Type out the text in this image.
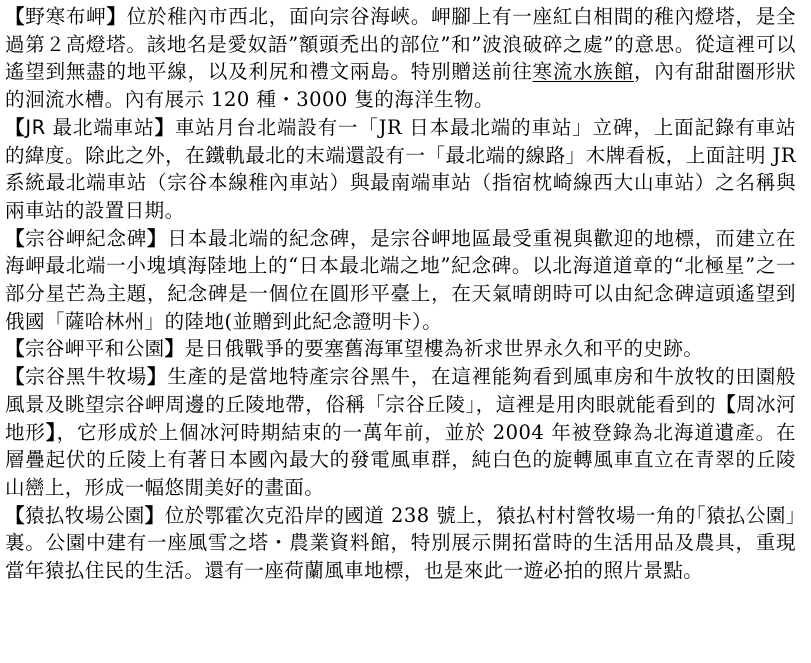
【野寒布岬】位於稚內市西北，面向宗谷海峽。岬腳上有一座紅白相間的稚內燈塔，是全過第２高燈塔。該地名是愛奴語”額頭禿出的部位”和”波浪破碎之處”的意思。從這裡可以遙望到無盡的地平線，以及利尻和禮文兩島。特別贈送前往寒流水族館，內有甜甜圈形狀的洄流水槽。內有展示 120 種・3000 隻的海洋生物。

【JR 最北端車站】車站月台北端設有一「JR 日本最北端的車站」立碑，上面記錄有車站的緯度。除此之外，在鐵軌最北的末端還設有一「最北端的線路」木牌看板，上面註明 JR 系統最北端車站（宗谷本線稚內車站）與最南端車站（指宿枕崎線西大山車站）之名稱與兩車站的設置日期。

【宗谷岬紀念碑】日本最北端的紀念碑，是宗谷岬地區最受重視與歡迎的地標，而建立在海岬最北端一小塊填海陸地上的“日本最北端之地”紀念碑。以北海道道章的“北極星”之一部分星芒為主題，紀念碑是一個位在圓形平臺上，在天氣晴朗時可以由紀念碑這頭遙望到俄國「薩哈林州」的陸地(並贈到此紀念證明卡）。

【宗谷岬平和公園】是日俄戰爭的要塞舊海軍望樓為祈求世界永久和平的史跡。

【宗谷黑牛牧場】生產的是當地特產宗谷黑牛，在這裡能夠看到風車房和牛放牧的田園般風景及眺望宗谷岬周邊的丘陵地帶，俗稱「宗谷丘陵」，這裡是用肉眼就能看到的【周冰河地形】，它形成於上個冰河時期結束的一萬年前，並於 2004 年被登錄為北海道遺產。在層疊起伏的丘陵上有著日本國內最大的發電風車群，純白色的旋轉風車直立在青翠的丘陵山巒上，形成一幅悠閒美好的畫面。

【猿払牧場公園】位於鄂霍次克沿岸的國道 238 號上，猿払村村營牧場一角的｢猿払公園」裏。公園中建有一座風雪之塔・農業資料館，特別展示開拓當時的生活用品及農具，重現當年猿払住民的生活。還有一座荷蘭風車地標，也是來此一遊必拍的照片景點。
